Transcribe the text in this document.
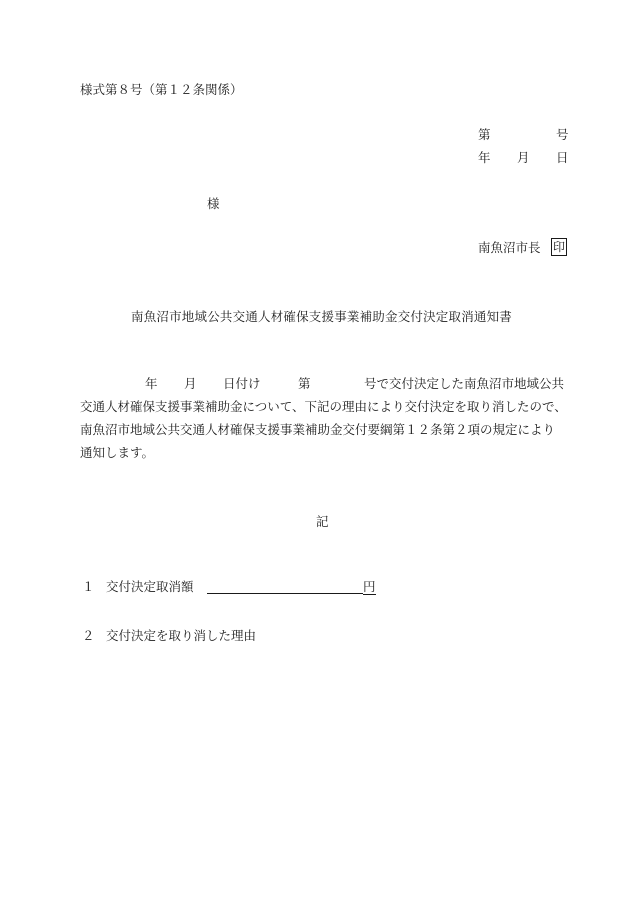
様式第８号（第１２条関係）
第	号
年 月 日
様
南魚沼市長 印
南魚沼市地域公共交通人材確保支援事業補助金交付決定取消通知書
年 月 日付け	第	号で交付決定した南魚沼市地域公共
交通人材確保支援事業補助金について、下記の理由により交付決定を取り消したので、
南魚沼市地域公共交通人材確保支援事業補助金交付要綱第１２条第２項の規定により
通知します。
記
１ 交付決定取消額	円
２ 交付決定を取り消した理由
